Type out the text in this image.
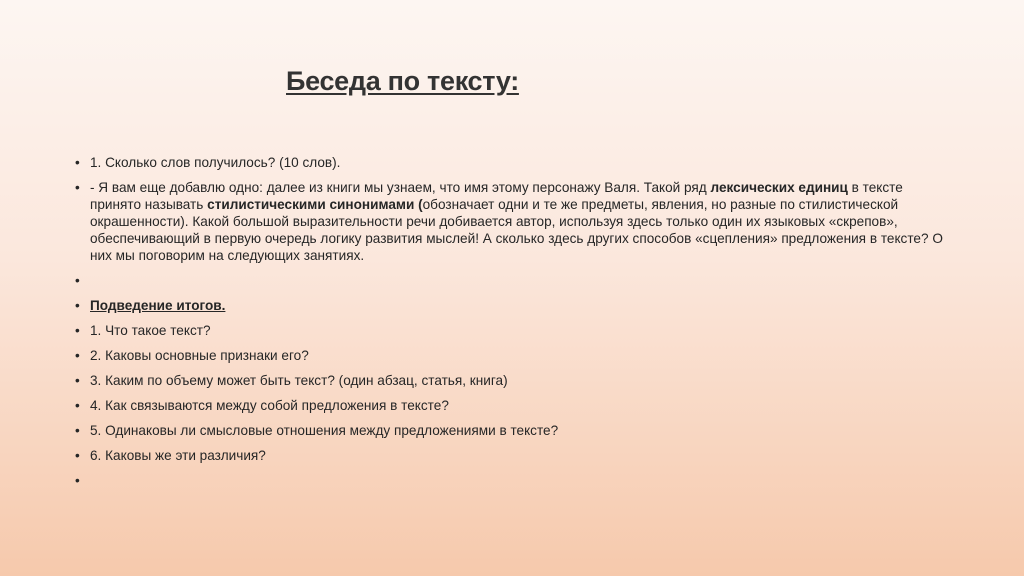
Беседа по тексту:
• 1. Сколько слов получилось? (10 слов).
• - Я вам еще добавлю одно: далее из книги мы узнаем, что имя этому персонажу Валя. Такой ряд лексических единиц в тексте принято называть стилистическими синонимами (обозначает одни и те же предметы, явления, но разные по стилистической окрашенности). Какой большой выразительности речи добивается автор, используя здесь только один их языковых «скрепов», обеспечивающий в первую очередь логику развития мыслей! А сколько здесь других способов «сцепления» предложения в тексте? О них мы поговорим на следующих занятиях.
•
• Подведение итогов.
• 1. Что такое текст?
• 2. Каковы основные признаки его?
• 3. Каким по объему может быть текст? (один абзац, статья, книга)
• 4. Как связываются между собой предложения в тексте?
• 5. Одинаковы ли смысловые отношения между предложениями в тексте?
• 6. Каковы же эти различия?
•
